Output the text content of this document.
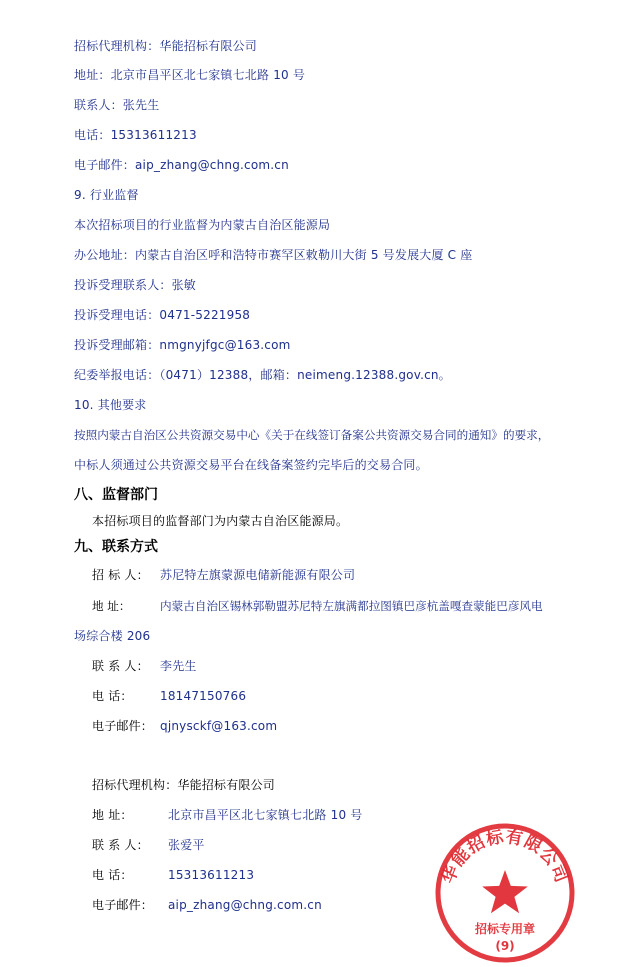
招标代理机构：华能招标有限公司
地址：北京市昌平区北七家镇七北路 10 号
联系人：张先生
电话：15313611213
电子邮件：aip_zhang@chng.com.cn
9. 行业监督
本次招标项目的行业监督为内蒙古自治区能源局
办公地址：内蒙古自治区呼和浩特市赛罕区敕勒川大街 5 号发展大厦 C 座
投诉受理联系人：张敏
投诉受理电话：0471-5221958
投诉受理邮箱：nmgnyjfgc@163.com
纪委举报电话：（0471）12388，邮箱：neimeng.12388.gov.cn。
10. 其他要求
按照内蒙古自治区公共资源交易中心《关于在线签订备案公共资源交易合同的通知》的要求，
中标人须通过公共资源交易平台在线备案签约完毕后的交易合同。
八、监督部门
本招标项目的监督部门为内蒙古自治区能源局。
九、联系方式
招 标 人： 苏尼特左旗蒙源电储新能源有限公司
地 址：	内蒙古自治区锡林郭勒盟苏尼特左旗满都拉图镇巴彦杭盖嘎查蒙能巴彦风电
场综合楼 206
联 系 人： 李先生
电 话： 18147150766
电子邮件： qjnysckf@163.com
招标代理机构：华能招标有限公司
地 址：	北京市昌平区北七家镇七北路 10 号
联 系 人： 张爱平
电 话：	15313611213
电子邮件： aip_zhang@chng.com.cn
华能招标有限公司
招标专用章
(9)
